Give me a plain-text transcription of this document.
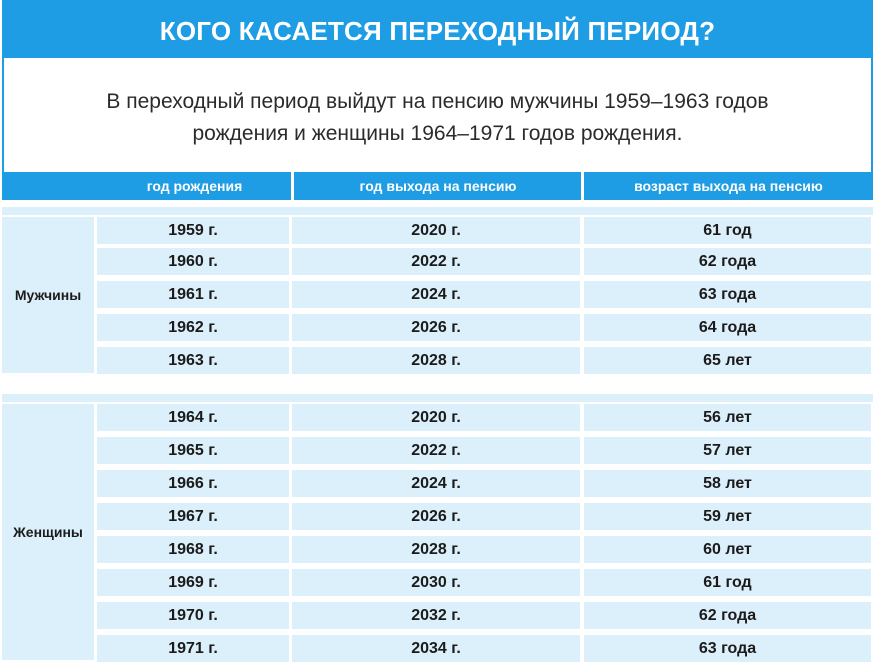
КОГО КАСАЕТСЯ ПЕРЕХОДНЫЙ ПЕРИОД?
В переходный период выйдут на пенсию мужчины 1959–1963 годов
рождения и женщины 1964–1971 годов рождения.
год рождения	год выхода на пенсию	возраст выхода на пенсию
Мужчины
1959 г.	2020 г.	61 год
1960 г.	2022 г.	62 года
1961 г.	2024 г.	63 года
1962 г.	2026 г.	64 года
1963 г.	2028 г.	65 лет
Женщины
1964 г.	2020 г.	56 лет
1965 г.	2022 г.	57 лет
1966 г.	2024 г.	58 лет
1967 г.	2026 г.	59 лет
1968 г.	2028 г.	60 лет
1969 г.	2030 г.	61 год
1970 г.	2032 г.	62 года
1971 г.	2034 г.	63 года
